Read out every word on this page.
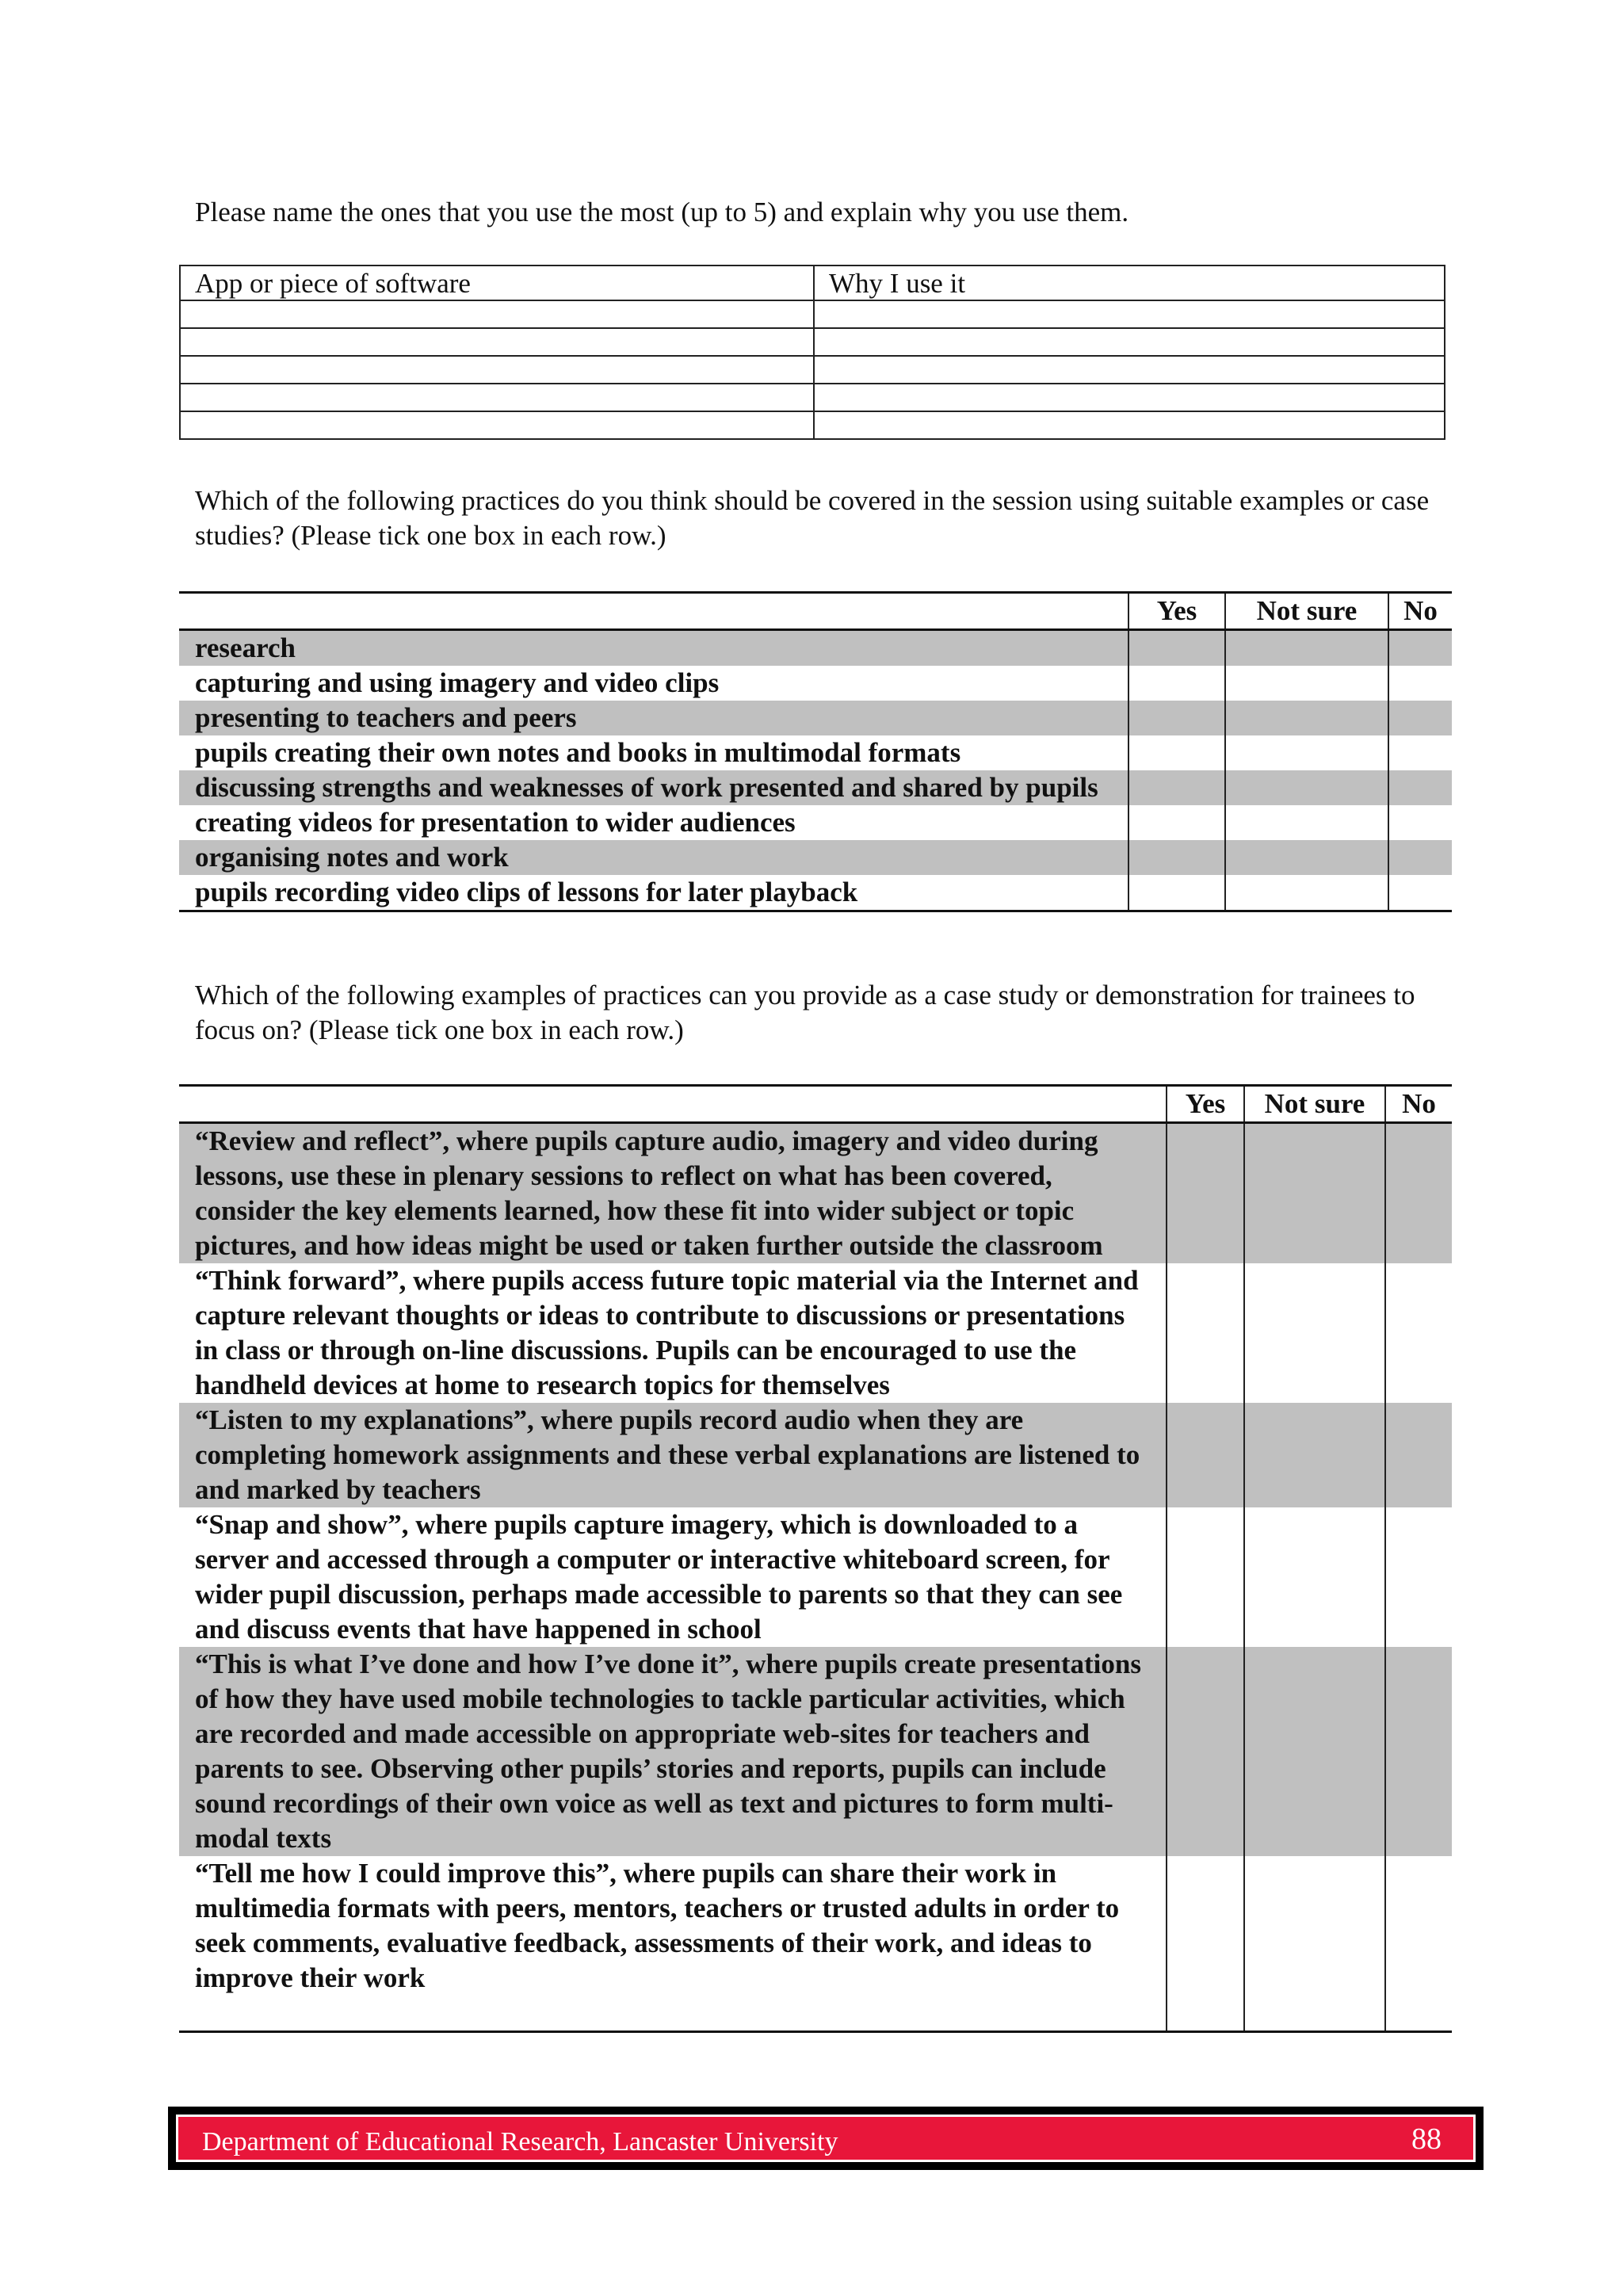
Please name the ones that you use the most (up to 5) and explain why you use them.

App or piece of software	Why I use it

Which of the following practices do you think should be covered in the session using suitable examples or case studies? (Please tick one box in each row.)

	Yes	Not sure	No
research			
capturing and using imagery and video clips			
presenting to teachers and peers			
pupils creating their own notes and books in multimodal formats			
discussing strengths and weaknesses of work presented and shared by pupils			
creating videos for presentation to wider audiences			
organising notes and work			
pupils recording video clips of lessons for later playback			

Which of the following examples of practices can you provide as a case study or demonstration for trainees to focus on? (Please tick one box in each row.)

	Yes	Not sure	No
“Review and reflect”, where pupils capture audio, imagery and video during lessons, use these in plenary sessions to reflect on what has been covered, consider the key elements learned, how these fit into wider subject or topic pictures, and how ideas might be used or taken further outside the classroom			
“Think forward”, where pupils access future topic material via the Internet and capture relevant thoughts or ideas to contribute to discussions or presentations in class or through on-line discussions. Pupils can be encouraged to use the handheld devices at home to research topics for themselves			
“Listen to my explanations”, where pupils record audio when they are completing homework assignments and these verbal explanations are listened to and marked by teachers			
“Snap and show”, where pupils capture imagery, which is downloaded to a server and accessed through a computer or interactive whiteboard screen, for wider pupil discussion, perhaps made accessible to parents so that they can see and discuss events that have happened in school			
“This is what I’ve done and how I’ve done it”, where pupils create presentations of how they have used mobile technologies to tackle particular activities, which are recorded and made accessible on appropriate web-sites for teachers and parents to see. Observing other pupils’ stories and reports, pupils can include sound recordings of their own voice as well as text and pictures to form multi-modal texts			
“Tell me how I could improve this”, where pupils can share their work in multimedia formats with peers, mentors, teachers or trusted adults in order to seek comments, evaluative feedback, assessments of their work, and ideas to improve their work			
Department of Educational Research, Lancaster University	88
